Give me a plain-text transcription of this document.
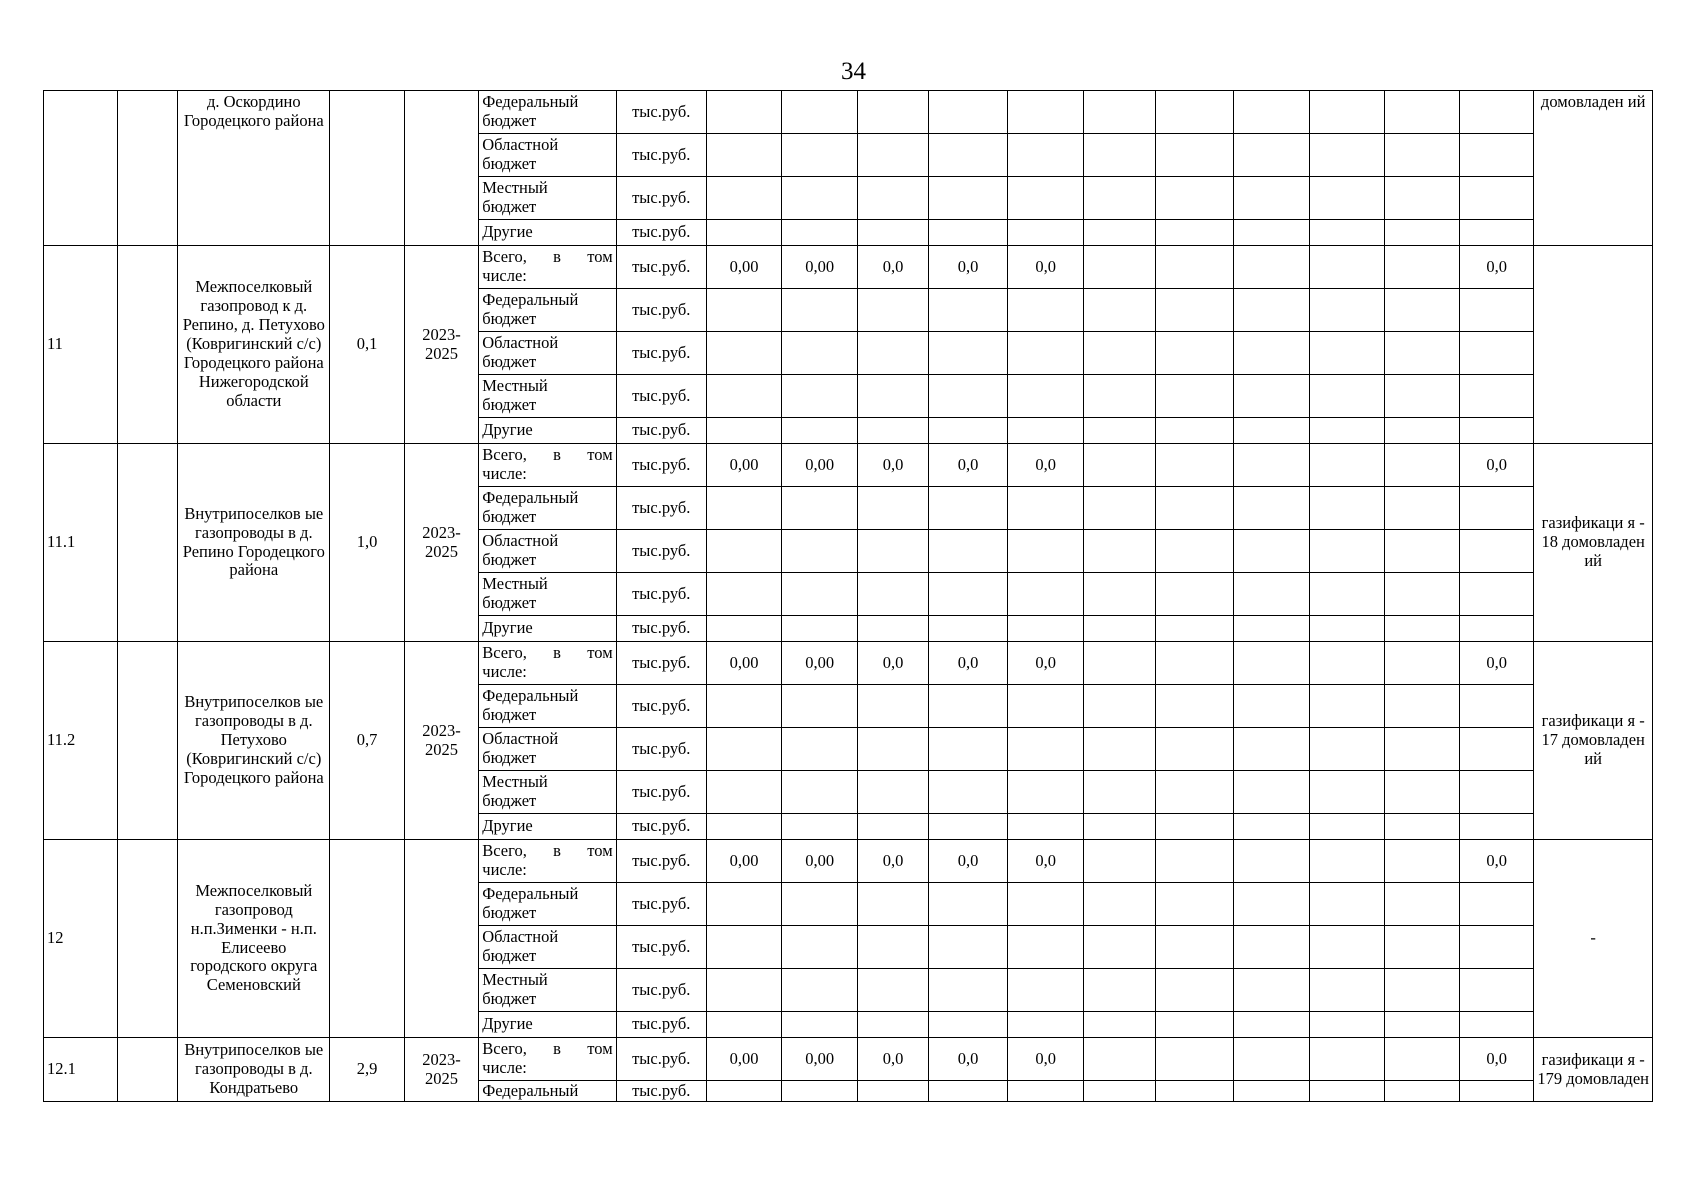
34
		д. Оскордино Городецкого района			Федеральный
бюджет	тыс.руб.												домовладен ий

					Областной
бюджет	тыс.руб.												

					Местный
бюджет	тыс.руб.												
					Другие	тыс.руб.												
11		Межпоселковый газопровод к д. Репино, д. Петухово (Ковригинский с/с) Городецкого района Нижегородской области	0,1	2023-2025	Всего, в том
числе:	тыс.руб.	0,00	0,00	0,0	0,0	0,0						0,0	

					Федеральный
бюджет	тыс.руб.												

					Областной
бюджет	тыс.руб.												

					Местный
бюджет	тыс.руб.												
					Другие	тыс.руб.												
11.1		Внутрипоселков ые газопроводы в д. Репино Городецкого района	1,0	2023-2025	Всего, в том
числе:	тыс.руб.	0,00	0,00	0,0	0,0	0,0						0,0	газификаци я - 18 домовладен ий

					Федеральный
бюджет	тыс.руб.												

					Областной
бюджет	тыс.руб.												

					Местный
бюджет	тыс.руб.												
					Другие	тыс.руб.												
11.2		Внутрипоселков ые газопроводы в д. Петухово (Ковригинский с/с) Городецкого района	0,7	2023-2025	Всего, в том
числе:	тыс.руб.	0,00	0,00	0,0	0,0	0,0						0,0	газификаци я - 17 домовладен ий

					Федеральный
бюджет	тыс.руб.												

					Областной
бюджет	тыс.руб.												

					Местный
бюджет	тыс.руб.												
					Другие	тыс.руб.												
12		Межпоселковый газопровод н.п.Зименки - н.п. Елисеево городского округа Семеновский			Всего, в том
числе:	тыс.руб.	0,00	0,00	0,0	0,0	0,0						0,0	-

					Федеральный
бюджет	тыс.руб.												

					Областной
бюджет	тыс.руб.												

					Местный
бюджет	тыс.руб.												
					Другие	тыс.руб.												
12.1		Внутрипоселков ые газопроводы в д. Кондратьево	2,9	2023-2025	Всего, в том
числе:	тыс.руб.	0,00	0,00	0,0	0,0	0,0						0,0	газификаци я - 179 домовладен
					Федеральный	тыс.руб.												
